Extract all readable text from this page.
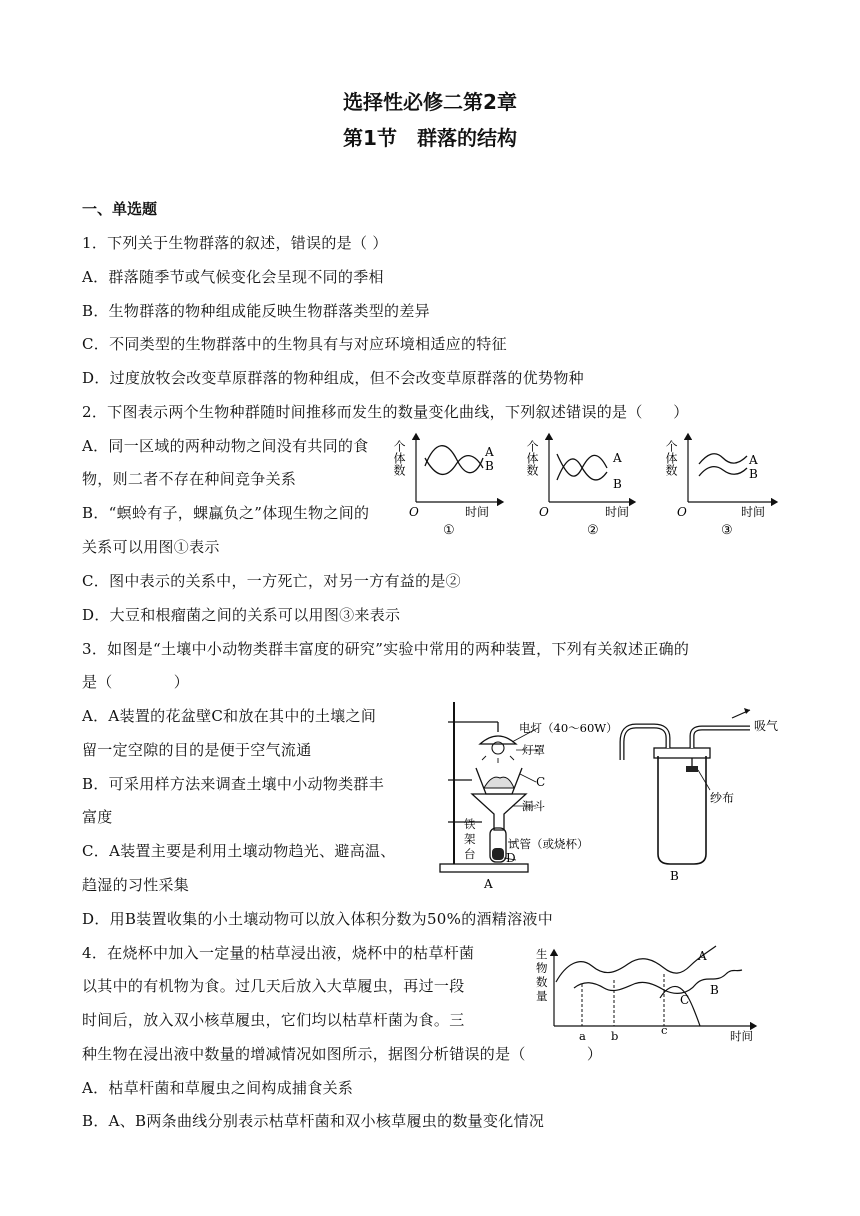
选择性必修二第2章
第1节　群落的结构
一、单选题
1．下列关于生物群落的叙述，错误的是（ ）
A．群落随季节或气候变化会呈现不同的季相
B．生物群落的物种组成能反映生物群落类型的差异
C．不同类型的生物群落中的生物具有与对应环境相适应的特征
D．过度放牧会改变草原群落的物种组成，但不会改变草原群落的优势物种
2．下图表示两个生物种群随时间推移而发生的数量变化曲线，下列叙述错误的是（　　）
A．同一区域的两种动物之间没有共同的食
物，则二者不存在种间竞争关系
B．“螟蛉有子，蜾蠃负之”体现生物之间的
关系可以用图①表示
C．图中表示的关系中，一方死亡，对另一方有益的是②
D．大豆和根瘤菌之间的关系可以用图③来表示
个体数	A
B
O	时间
①
个体数	A
B
O	时间
②
个体数	A
B
O	时间
③
3．如图是“土壤中小动物类群丰富度的研究”实验中常用的两种装置，下列有关叙述正确的
是（　　　　）
A．A装置的花盆壁C和放在其中的土壤之间
留一定空隙的目的是便于空气流通
B．可采用样方法来调查土壤中小动物类群丰
富度
C．A装置主要是利用土壤动物趋光、避高温、
趋湿的习性采集
D．用B装置收集的小土壤动物可以放入体积分数为50%的酒精溶液中
电灯（40～60W）
灯罩
C
漏斗
试管（或烧杯）
D
铁
架
台
A
吸气
纱布
B
4．在烧杯中加入一定量的枯草浸出液，烧杯中的枯草杆菌
以其中的有机物为食。过几天后放入大草履虫，再过一段
时间后，放入双小核草履虫，它们均以枯草杆菌为食。三
种生物在浸出液中数量的增减情况如图所示，据图分析错误的是（　　　　）
A．枯草杆菌和草履虫之间构成捕食关系
B．A、B两条曲线分别表示枯草杆菌和双小核草履虫的数量变化情况
生
物
数
量
a b	c
A
B
C
时间
